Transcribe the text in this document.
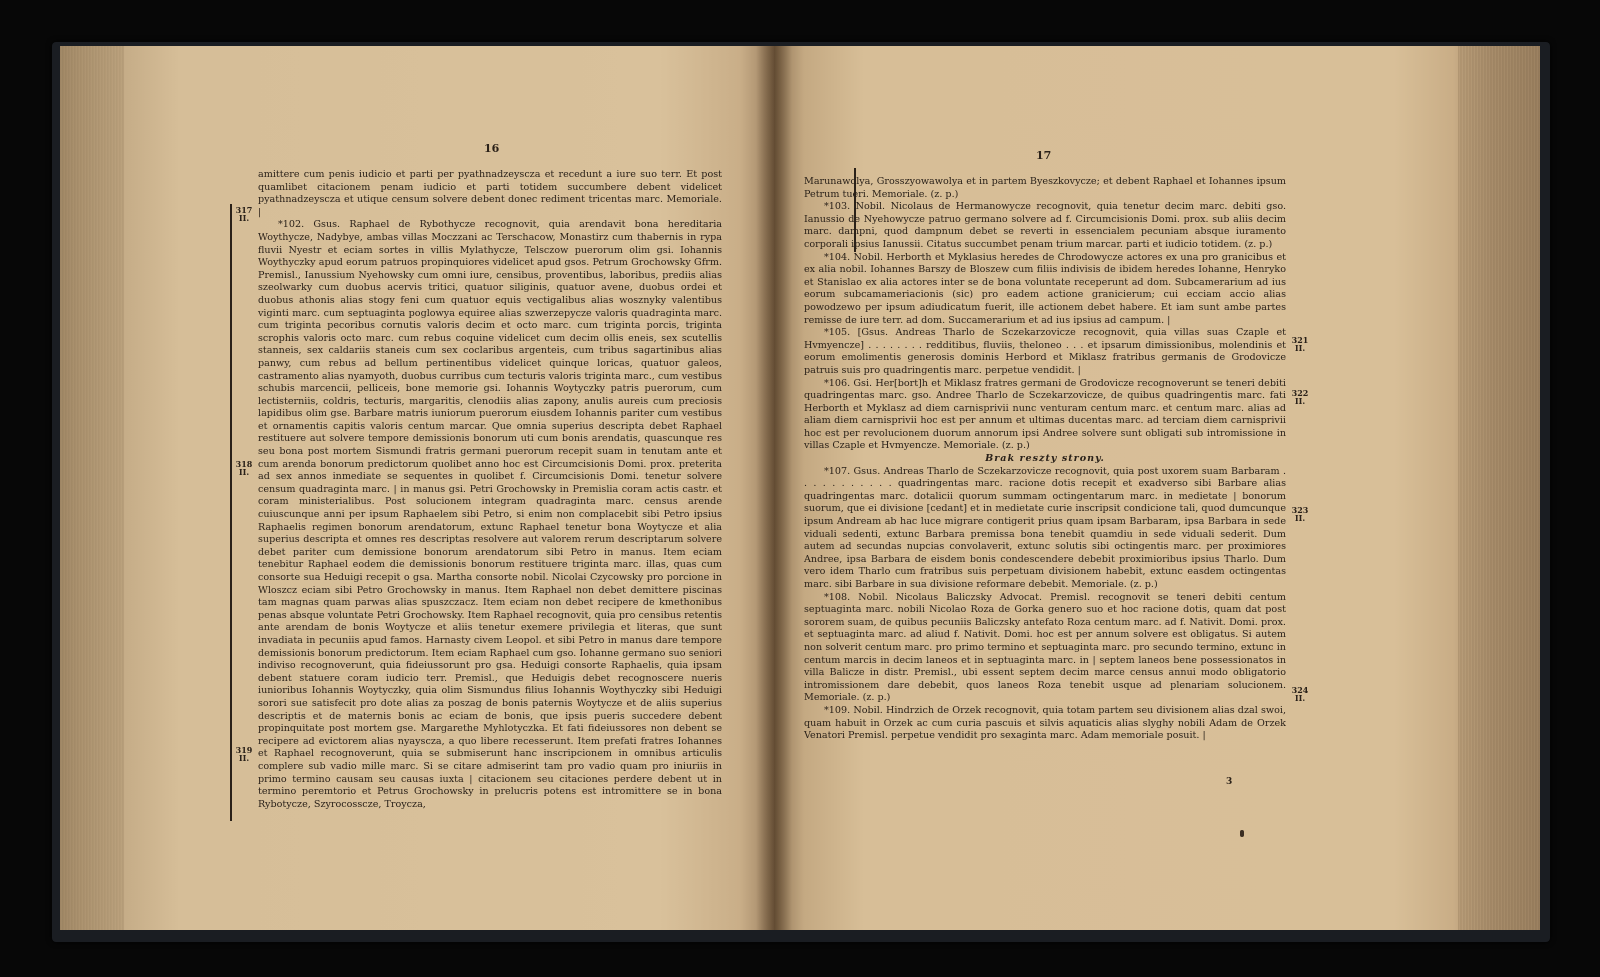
16

amittere cum penis iudicio et parti per pyathnadzeyscza et recedunt a iure suo terr. Et post quamlibet citacionem penam iudicio et parti totidem succumbere debent videlicet pyathnadzeyscza et utique censum solvere debent donec rediment tricentas marc. Memoriale. |

*102. Gsus. Raphael de Rybothycze recognovit, quia arendavit bona hereditaria Woythycze, Nadybye, ambas villas Moczzani ac Terschacow, Monastirz cum thabernis in rypa fluvii Nyestr et eciam sortes in villis Mylathycze, Telsczow puerorum olim gsi. Iohannis Woythyczky apud eorum patruos propinquiores videlicet apud gsos. Petrum Grochowsky Gfrm. Premisl., Ianussium Nyehowsky cum omni iure, censibus, proventibus, laboribus, prediis alias szeolwarky cum duobus acervis tritici, quatuor siliginis, quatuor avene, duobus ordei et duobus athonis alias stogy feni cum quatuor equis vectigalibus alias wosznyky valentibus viginti marc. cum septuaginta poglowya equiree alias szwerzepycze valoris quadraginta marc. cum triginta pecoribus cornutis valoris decim et octo marc. cum triginta porcis, triginta scrophis valoris octo marc. cum rebus coquine videlicet cum decim ollis eneis, sex scutellis stanneis, sex caldariis staneis cum sex coclaribus argenteis, cum tribus sagartinibus alias panwy, cum rebus ad bellum pertinentibus videlicet quinque loricas, quatuor galeos, castramento alias nyamyoth, duobus curribus cum tecturis valoris triginta marc., cum vestibus schubis marcencii, pelliceis, bone memorie gsi. Iohannis Woytyczky patris puerorum, cum lectisterniis, coldris, tecturis, margaritis, clenodiis alias zapony, anulis aureis cum preciosis lapidibus olim gse. Barbare matris iuniorum puerorum eiusdem Iohannis pariter cum vestibus et ornamentis capitis valoris centum marcar. Que omnia superius descripta debet Raphael restituere aut solvere tempore demissionis bonorum uti cum bonis arendatis, quascunque res seu bona post mortem Sismundi fratris germani puerorum recepit suam in tenutam ante et cum arenda bonorum predictorum quolibet anno hoc est Circumcisionis Domi. prox. preterita ad sex annos inmediate se sequentes in quolibet f. Circumcisionis Domi. tenetur solvere censum quadraginta marc. | in manus gsi. Petri Grochowsky in Premislia coram actis castr. et coram ministerialibus. Post solucionem integram quadraginta marc. census arende cuiuscunque anni per ipsum Raphaelem sibi Petro, si enim non complacebit sibi Petro ipsius Raphaelis regimen bonorum arendatorum, extunc Raphael tenetur bona Woytycze et alia superius descripta et omnes res descriptas resolvere aut valorem rerum descriptarum solvere debet pariter cum demissione bonorum arendatorum sibi Petro in manus. Item eciam tenebitur Raphael eodem die demissionis bonorum restituere triginta marc. illas, quas cum consorte sua Heduigi recepit o gsa. Martha consorte nobil. Nicolai Czycowsky pro porcione in Wloszcz eciam sibi Petro Grochowsky in manus. Item Raphael non debet demittere piscinas tam magnas quam parwas alias spuszczacz. Item eciam non debet recipere de kmethonibus penas absque voluntate Petri Grochowsky. Item Raphael recognovit, quia pro censibus retentis ante arendam de bonis Woytycze et aliis tenetur exemere privilegia et literas, que sunt invadiata in pecuniis apud famos. Harnasty civem Leopol. et sibi Petro in manus dare tempore demissionis bonorum predictorum. Item eciam Raphael cum gso. Iohanne germano suo seniori indiviso recognoverunt, quia fideiussorunt pro gsa. Heduigi consorte Raphaelis, quia ipsam debent statuere coram iudicio terr. Premisl., que Heduigis debet recognoscere nueris iunioribus Iohannis Woytyczky, quia olim Sismundus filius Iohannis Woythyczky sibi Heduigi sorori sue satisfecit pro dote alias za poszag de bonis paternis Woytycze et de aliis superius descriptis et de maternis bonis ac eciam de bonis, que ipsis pueris succedere debent propinquitate post mortem gse. Margarethe Myhlotyczka. Et fati fideiussores non debent se recipere ad evictorem alias nyayscza, a quo libere recesserunt. Item prefati fratres Iohannes et Raphael recognoverunt, quia se submiserunt hanc inscripcionem in omnibus articulis complere sub vadio mille marc. Si se citare admiserint tam pro vadio quam pro iniuriis in primo termino causam seu causas iuxta | citacionem seu citaciones perdere debent ut in termino peremtorio et Petrus Grochowsky in prelucris potens est intromittere se in bona Rybotycze, Szyrocosscze, Troycza,

317 II.
318 II.
319 II.
17

Marunawolya, Grosszyowawolya et in partem Byeszkovycze; et debent Raphael et Iohannes ipsum Petrum tueri. Memoriale. (z. p.)

*103. Nobil. Nicolaus de Hermanowycze recognovit, quia tenetur decim marc. debiti gso. Ianussio de Nyehowycze patruo germano solvere ad f. Circumcisionis Domi. prox. sub aliis decim marc. dampni, quod dampnum debet se reverti in essencialem pecuniam absque iuramento corporali ipsius Ianussii. Citatus succumbet penam trium marcar. parti et iudicio totidem. (z. p.)

*104. Nobil. Herborth et Myklasius heredes de Chrodowycze actores ex una pro granicibus et ex alia nobil. Iohannes Barszy de Bloszew cum filiis indivisis de ibidem heredes Iohanne, Henryko et Stanislao ex alia actores inter se de bona voluntate receperunt ad dom. Subcamerarium ad ius eorum subcamameriacionis (sic) pro eadem actione granicierum; cui ecciam accio alias powodzewo per ipsum adiudicatum fuerit, ille actionem debet habere. Et iam sunt ambe partes remisse de iure terr. ad dom. Succamerarium et ad ius ipsius ad campum. |

*105. [Gsus. Andreas Tharlo de Sczekarzovicze recognovit, quia villas suas Czaple et Hvmyencze] . . . . . . . . redditibus, fluviis, theloneo . . . et ipsarum dimissionibus, molendinis et eorum emolimentis generosis dominis Herbord et Miklasz fratribus germanis de Grodovicze patruis suis pro quadringentis marc. perpetue vendidit. |

*106. Gsi. Her[bort]h et Miklasz fratres germani de Grodovicze recognoverunt se teneri debiti quadringentas marc. gso. Andree Tharlo de Sczekarzovicze, de quibus quadringentis marc. fati Herborth et Myklasz ad diem carnisprivii nunc venturam centum marc. et centum marc. alias ad aliam diem carnisprivii hoc est per annum et ultimas ducentas marc. ad terciam diem carnisprivii hoc est per revolucionem duorum annorum ipsi Andree solvere sunt obligati sub intromissione in villas Czaple et Hvmyencze. Memoriale. (z. p.)

Brak reszty strony.

*107. Gsus. Andreas Tharlo de Sczekarzovicze recognovit, quia post uxorem suam Barbaram . . . . . . . . . . . quadringentas marc. racione dotis recepit et exadverso sibi Barbare alias quadringentas marc. dotalicii quorum summam octingentarum marc. in medietate | bonorum suorum, que ei divisione [cedant] et in medietate curie inscripsit condicione tali, quod dumcunque ipsum Andream ab hac luce migrare contigerit prius quam ipsam Barbaram, ipsa Barbara in sede viduali sedenti, extunc Barbara premissa bona tenebit quamdiu in sede viduali sederit. Dum autem ad secundas nupcias convolaverit, extunc solutis sibi octingentis marc. per proximiores Andree, ipsa Barbara de eisdem bonis condescendere debebit proximioribus ipsius Tharlo. Dum vero idem Tharlo cum fratribus suis perpetuam divisionem habebit, extunc easdem octingentas marc. sibi Barbare in sua divisione reformare debebit. Memoriale. (z. p.)

*108. Nobil. Nicolaus Baliczsky Advocat. Premisl. recognovit se teneri debiti centum septuaginta marc. nobili Nicolao Roza de Gorka genero suo et hoc racione dotis, quam dat post sororem suam, de quibus pecuniis Baliczsky antefato Roza centum marc. ad f. Nativit. Domi. prox. et septuaginta marc. ad aliud f. Nativit. Domi. hoc est per annum solvere est obligatus. Si autem non solverit centum marc. pro primo termino et septuaginta marc. pro secundo termino, extunc in centum marcis in decim laneos et in septuaginta marc. in | septem laneos bene possessionatos in villa Balicze in distr. Premisl., ubi essent septem decim marce census annui modo obligatorio intromissionem dare debebit, quos laneos Roza tenebit usque ad plenariam solucionem. Memoriale. (z. p.)

*109. Nobil. Hindrzich de Orzek recognovit, quia totam partem seu divisionem alias dzal swoi, quam habuit in Orzek ac cum curia pascuis et silvis aquaticis alias slyghy nobili Adam de Orzek Venatori Premisl. perpetue vendidit pro sexaginta marc. Adam memoriale posuit. |

321 II.
322 II.
323 II.
324 II.
3
